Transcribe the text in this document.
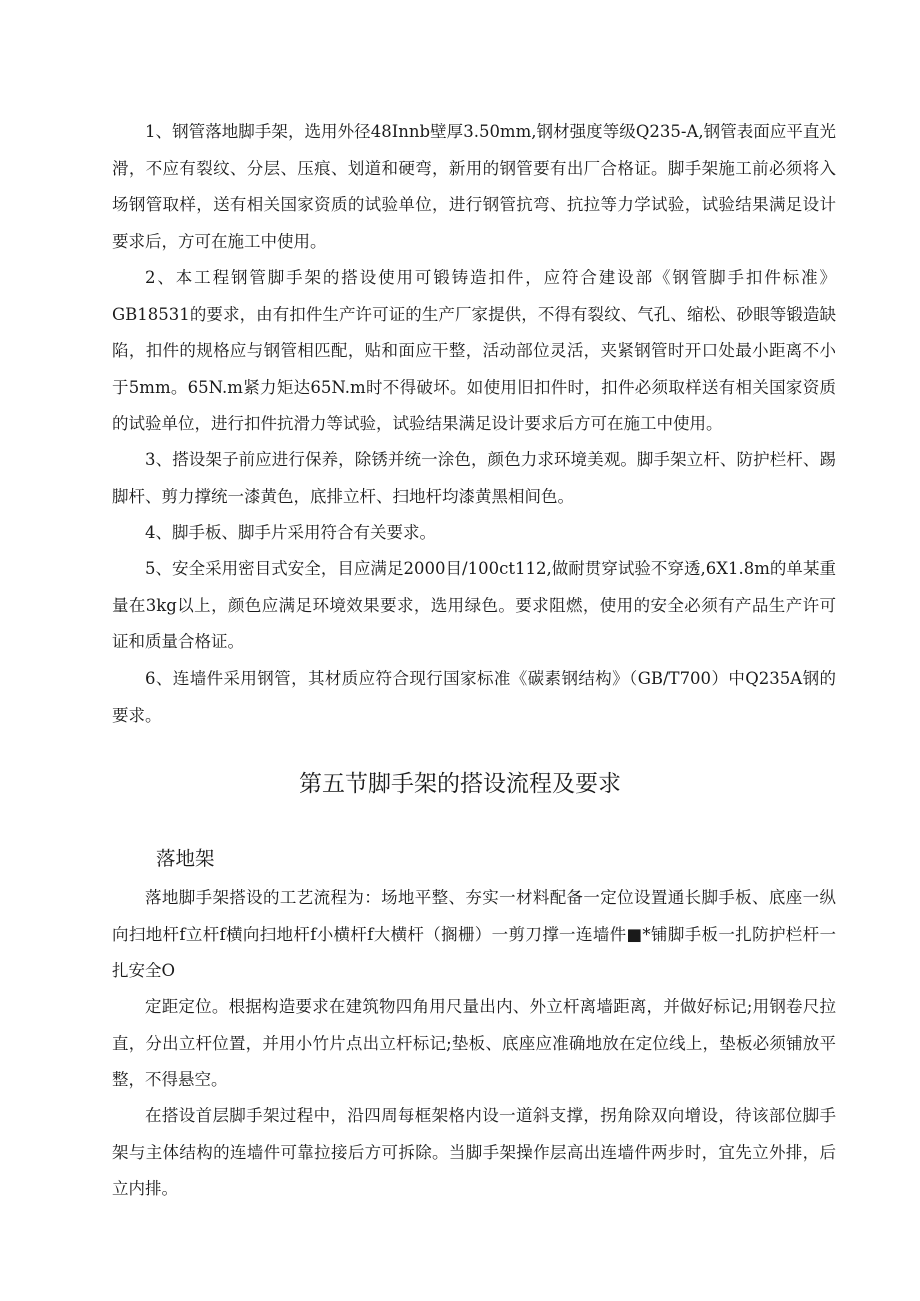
1、钢管落地脚手架，选用外径48Innb壁厚3.50mm,钢材强度等级Q235-A,钢管表面应平直光滑，不应有裂纹、分层、压痕、划道和硬弯，新用的钢管要有出厂合格证。脚手架施工前必须将入场钢管取样，送有相关国家资质的试验单位，进行钢管抗弯、抗拉等力学试验，试验结果满足设计要求后，方可在施工中使用。

2、本工程钢管脚手架的搭设使用可锻铸造扣件，应符合建设部《钢管脚手扣件标准》GB18531的要求，由有扣件生产许可证的生产厂家提供，不得有裂纹、气孔、缩松、砂眼等锻造缺陷，扣件的规格应与钢管相匹配，贴和面应干整，活动部位灵活，夹紧钢管时开口处最小距离不小于5mm。65N.m紧力矩达65N.m时不得破坏。如使用旧扣件时，扣件必须取样送有相关国家资质的试验单位，进行扣件抗滑力等试验，试验结果满足设计要求后方可在施工中使用。

3、搭设架子前应进行保养，除锈并统一涂色，颜色力求环境美观。脚手架立杆、防护栏杆、踢脚杆、剪力撑统一漆黄色，底排立杆、扫地杆均漆黄黑相间色。

4、脚手板、脚手片采用符合有关要求。

5、安全采用密目式安全，目应满足2000目/100ct112,做耐贯穿试验不穿透,6X1.8m的单某重量在3kg以上，颜色应满足环境效果要求，选用绿色。要求阻燃，使用的安全必须有产品生产许可证和质量合格证。

6、连墙件采用钢管，其材质应符合现行国家标准《碳素钢结构》（GB/T700）中Q235A钢的要求。

第五节脚手架的搭设流程及要求
落地架

落地脚手架搭设的工艺流程为：场地平整、夯实一材料配备一定位设置通长脚手板、底座一纵向扫地杆f立杆f横向扫地杆f小横杆f大横杆（搁栅）一剪刀撑一连墙件■*铺脚手板一扎防护栏杆一扎安全O

定距定位。根据构造要求在建筑物四角用尺量出内、外立杆离墙距离，并做好标记;用钢卷尺拉直，分出立杆位置，并用小竹片点出立杆标记;垫板、底座应准确地放在定位线上，垫板必须铺放平整，不得悬空。

在搭设首层脚手架过程中，沿四周每框架格内设一道斜支撑，拐角除双向增设，待该部位脚手架与主体结构的连墙件可靠拉接后方可拆除。当脚手架操作层高出连墙件两步时，宜先立外排，后立内排。
